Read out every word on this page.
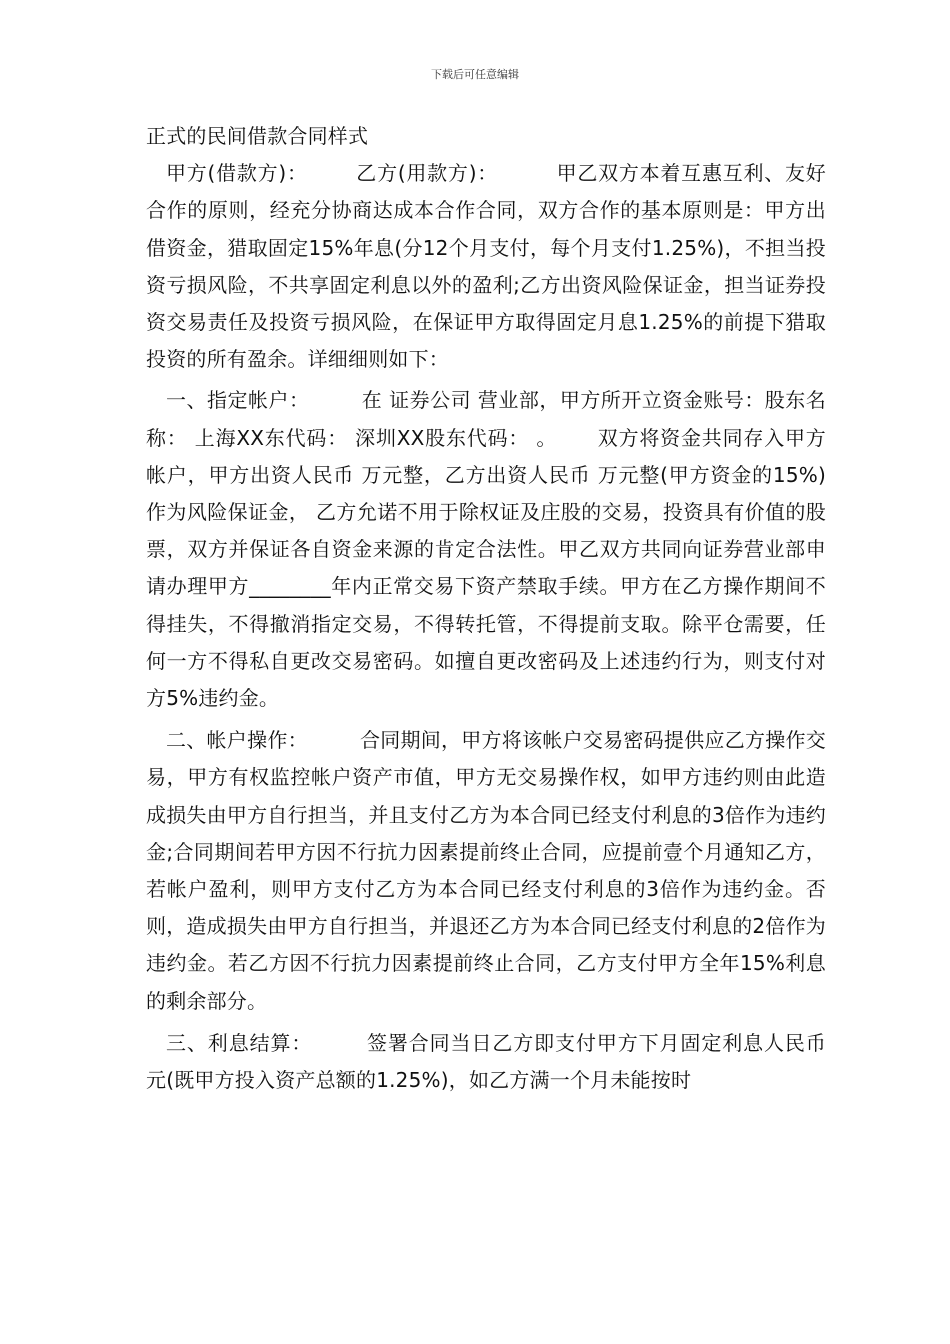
下载后可任意编辑
正式的民间借款合同样式

甲方(借款方)： 乙方(用款方)：	甲乙双方本着互惠互利、友好合作的原则，经充分协商达成本合作合同，双方合作的基本原则是：甲方出借资金，猎取固定15%年息(分12个月支付，每个月支付1.25%)，不担当投资亏损风险，不共享固定利息以外的盈利;乙方出资风险保证金，担当证券投资交易责任及投资亏损风险，在保证甲方取得固定月息1.25%的前提下猎取投资的所有盈余。详细细则如下：

一、指定帐户：	在 证券公司 营业部，甲方所开立资金账号：股东名称： 上海XX东代码： 深圳XX股东代码： 。 双方将资金共同存入甲方帐户，甲方出资人民币 万元整，乙方出资人民币 万元整(甲方资金的15%)作为风险保证金， 乙方允诺不用于除权证及庄股的交易，投资具有价值的股票，双方并保证各自资金来源的肯定合法性。甲乙双方共同向证券营业部申请办理甲方________年内正常交易下资产禁取手续。甲方在乙方操作期间不得挂失，不得撤消指定交易，不得转托管，不得提前支取。除平仓需要，任何一方不得私自更改交易密码。如擅自更改密码及上述违约行为，则支付对方5%违约金。

二、帐户操作：	合同期间，甲方将该帐户交易密码提供应乙方操作交易，甲方有权监控帐户资产市值，甲方无交易操作权，如甲方违约则由此造成损失由甲方自行担当，并且支付乙方为本合同已经支付利息的3倍作为违约金;合同期间若甲方因不行抗力因素提前终止合同，应提前壹个月通知乙方，若帐户盈利，则甲方支付乙方为本合同已经支付利息的3倍作为违约金。否则，造成损失由甲方自行担当，并退还乙方为本合同已经支付利息的2倍作为违约金。若乙方因不行抗力因素提前终止合同，乙方支付甲方全年15%利息的剩余部分。

三、利息结算：	签署合同当日乙方即支付甲方下月固定利息人民币 元(既甲方投入资产总额的1.25%)，如乙方满一个月未能按时
